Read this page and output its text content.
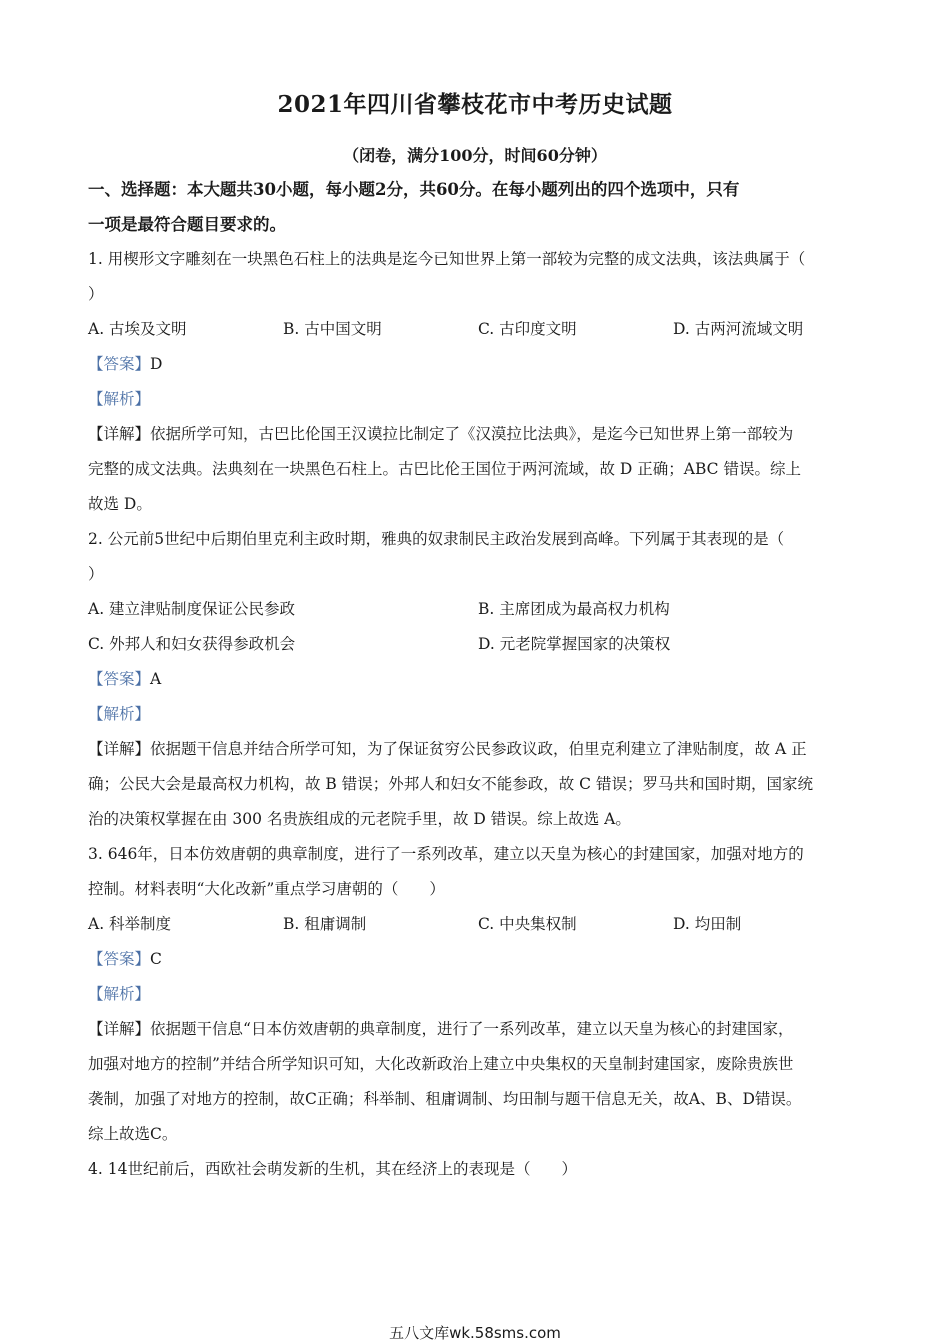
2021年四川省攀枝花市中考历史试题
（闭卷，满分100分，时间60分钟）
一、选择题：本大题共30小题，每小题2分，共60分。在每小题列出的四个选项中，只有
一项是最符合题目要求的。
1. 用楔形文字雕刻在一块黑色石柱上的法典是迄今已知世界上第一部较为完整的成文法典，该法典属于（
）
A. 古埃及文明	B. 古中国文明	C. 古印度文明	D. 古两河流域文明
【答案】D
【解析】
【详解】依据所学可知，古巴比伦国王汉谟拉比制定了《汉漠拉比法典》，是迄今已知世界上第一部较为
完整的成文法典。法典刻在一块黑色石柱上。古巴比伦王国位于两河流域，故 D 正确；ABC 错误。综上
故选 D。
2. 公元前5世纪中后期伯里克利主政时期，雅典的奴隶制民主政治发展到高峰。下列属于其表现的是（
）
A. 建立津贴制度保证公民参政	B. 主席团成为最高权力机构
C. 外邦人和妇女获得参政机会	D. 元老院掌握国家的决策权
【答案】A
【解析】
【详解】依据题干信息并结合所学可知，为了保证贫穷公民参政议政，伯里克利建立了津贴制度，故 A 正
确；公民大会是最高权力机构，故 B 错误；外邦人和妇女不能参政，故 C 错误；罗马共和国时期，国家统
治的决策权掌握在由 300 名贵族组成的元老院手里，故 D 错误。综上故选 A。
3. 646年，日本仿效唐朝的典章制度，进行了一系列改革，建立以天皇为核心的封建国家，加强对地方的
控制。材料表明“大化改新”重点学习唐朝的（　　）
A. 科举制度	B. 租庸调制	C. 中央集权制	D. 均田制
【答案】C
【解析】
【详解】依据题干信息“日本仿效唐朝的典章制度，进行了一系列改革，建立以天皇为核心的封建国家，
加强对地方的控制”并结合所学知识可知，大化改新政治上建立中央集权的天皇制封建国家，废除贵族世
袭制，加强了对地方的控制，故C正确；科举制、租庸调制、均田制与题干信息无关，故A、B、D错误。
综上故选C。
4. 14世纪前后，西欧社会萌发新的生机，其在经济上的表现是（　　）
五八文库wk.58sms.com
